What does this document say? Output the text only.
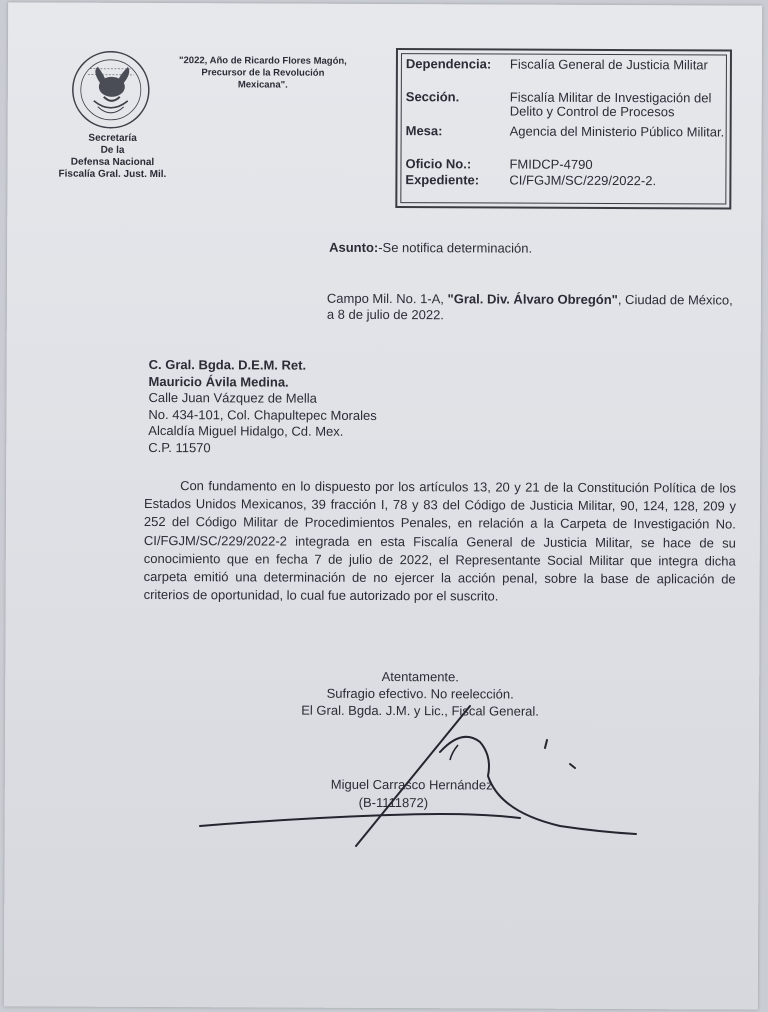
Secretaría
De la
Defensa Nacional
Fiscalía Gral. Just. Mil.
"2022, Año de Ricardo Flores Magón,
Precursor de la Revolución
Mexicana".
Dependencia: Fiscalía General de Justicia Militar
Sección.	Fiscalía Militar de Investigación del Delito y Control de Procesos
Mesa:	Agencia del Ministerio Público Militar.
Oficio No.:	FMIDCP-4790
Expediente: CI/FGJM/SC/229/2022-2.
Asunto:-Se notifica determinación.
Campo Mil. No. 1-A, "Gral. Div. Álvaro Obregón", Ciudad de México, a 8 de julio de 2022.
C. Gral. Bgda. D.E.M. Ret.
Mauricio Ávila Medina.
Calle Juan Vázquez de Mella
No. 434-101, Col. Chapultepec Morales
Alcaldía Miguel Hidalgo, Cd. Mex.
C.P. 11570
Con fundamento en lo dispuesto por los artículos 13, 20 y 21 de la Constitución Política de los Estados Unidos Mexicanos, 39 fracción I, 78 y 83 del Código de Justicia Militar, 90, 124, 128, 209 y 252 del Código Militar de Procedimientos Penales, en relación a la Carpeta de Investigación No. CI/FGJM/SC/229/2022-2 integrada en esta Fiscalía General de Justicia Militar, se hace de su conocimiento que en fecha 7 de julio de 2022, el Representante Social Militar que integra dicha carpeta emitió una determinación de no ejercer la acción penal, sobre la base de aplicación de criterios de oportunidad, lo cual fue autorizado por el suscrito.
Atentamente.
Sufragio efectivo. No reelección.
El Gral. Bgda. J.M. y Lic., Fiscal General.
Miguel Carrasco Hernández.
(B-1111872)
